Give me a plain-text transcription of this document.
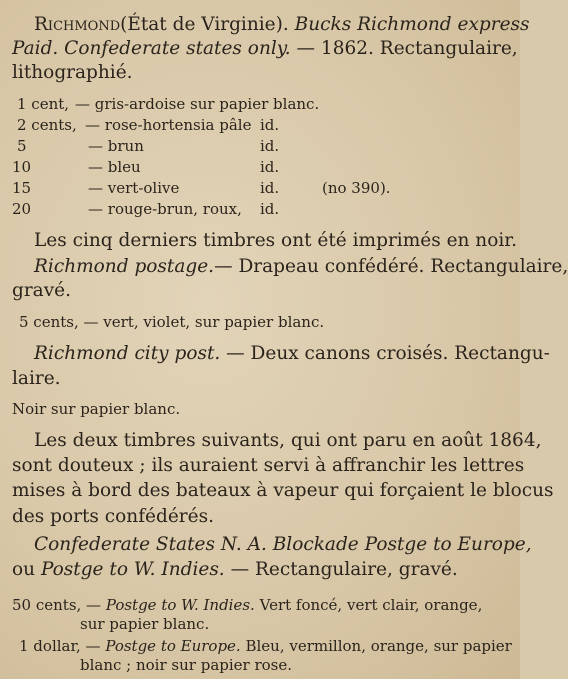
Richmond(État de Virginie). Bucks Richmond express
Paid. Confederate states only. — 1862. Rectangulaire,
lithographié.
1 cent, — gris-ardoise sur papier blanc.
2 cents, — rose-hortensia pâle id.
5	— brun	id.
10	— bleu	id.
15	— vert-olive	id.	(no 390).
20	— rouge-brun, roux, id.
Les cinq derniers timbres ont été imprimés en noir.
Richmond postage.— Drapeau confédéré. Rectangulaire,
gravé.
5 cents, — vert, violet, sur papier blanc.
Richmond city post. — Deux canons croisés. Rectangu-
laire.
Noir sur papier blanc.
Les deux timbres suivants, qui ont paru en août 1864,
sont douteux ; ils auraient servi à affranchir les lettres
mises à bord des bateaux à vapeur qui forçaient le blocus
des ports confédérés.
Confederate States N. A. Blockade Postge to Europe,
ou Postge to W. Indies. — Rectangulaire, gravé.
50 cents, — Postge to W. Indies. Vert foncé, vert clair, orange,
sur papier blanc.
1 dollar, — Postge to Europe. Bleu, vermillon, orange, sur papier
blanc ; noir sur papier rose.
